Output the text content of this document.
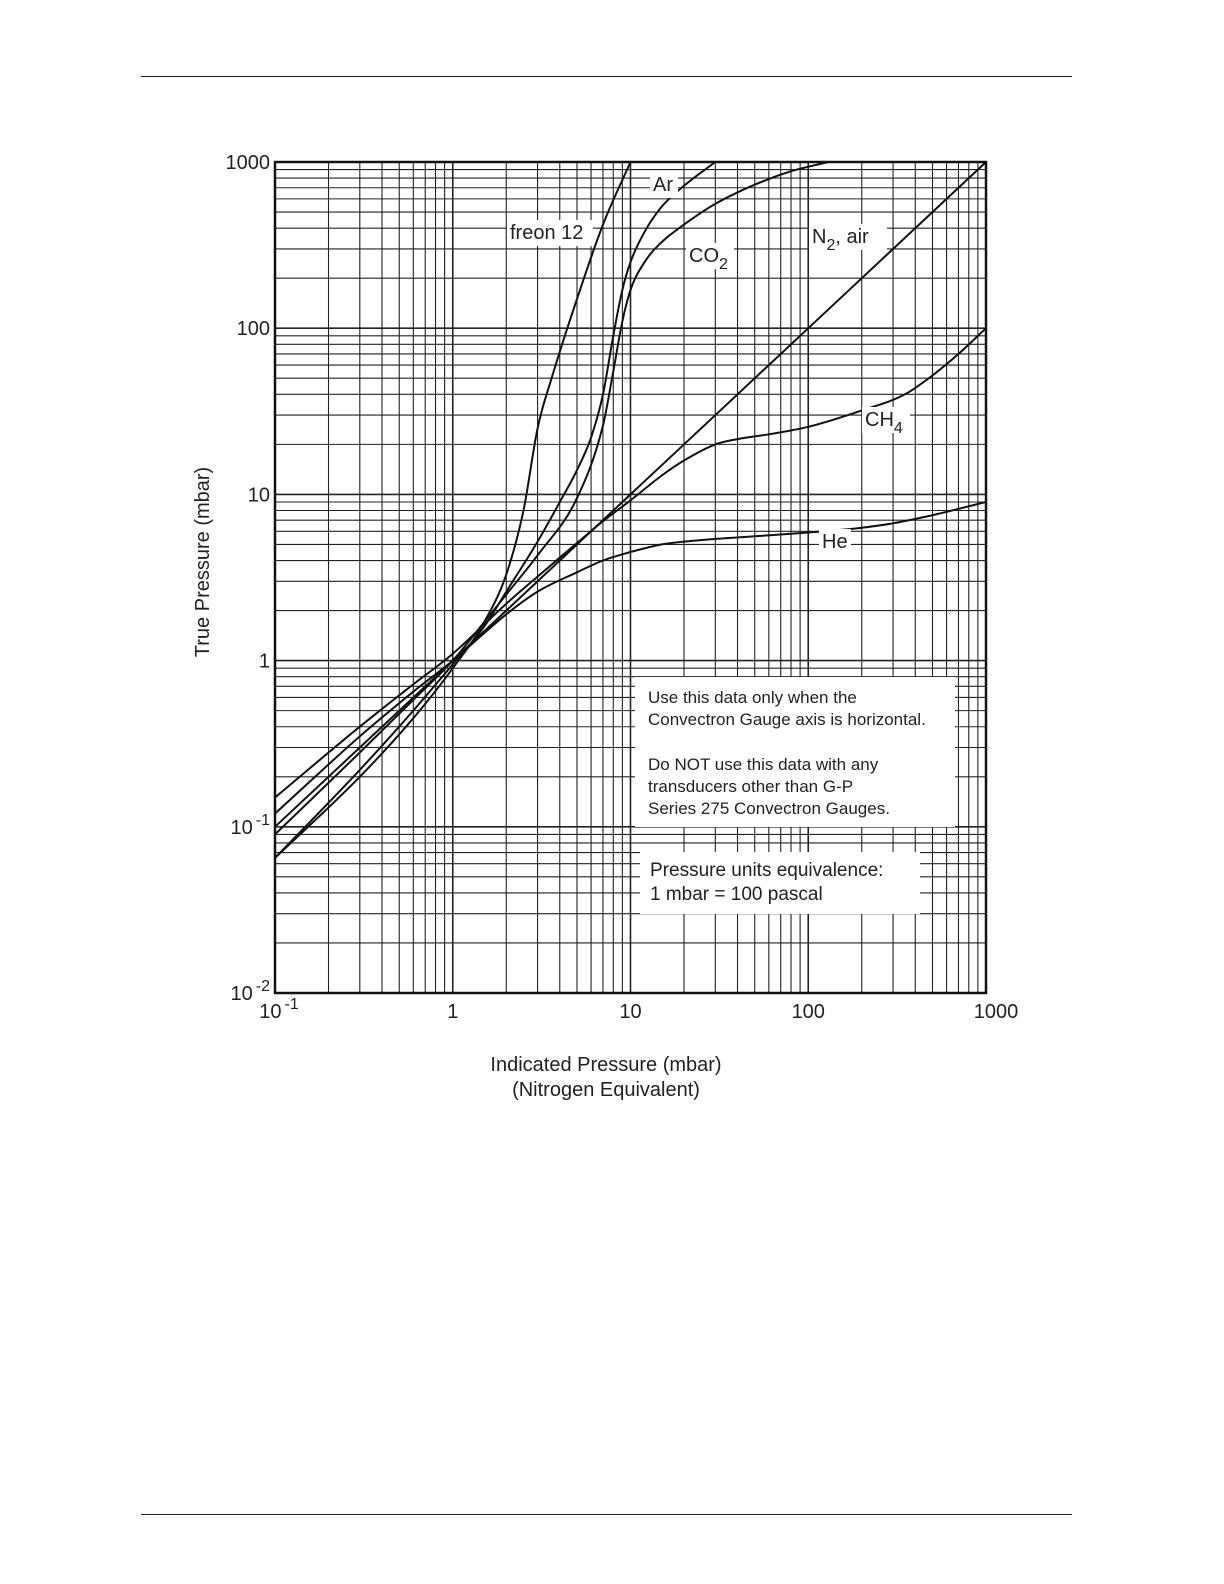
Use this data only when the
Convectron Gauge axis is horizontal.
Do NOT use this data with any
transducers other than G-P
Series 275 Convectron Gauges.
Pressure units equivalence:
1 mbar = 100 pascal
freon 12
Ar
$CO_2$
$N_2$, air
$CH_4$
He
10 $^{-1}$	1	10	100	1000
10 $^{-2}$
10 $^{-1}$
1
10
100
1000
Indicated Pressure (mbar)
(Nitrogen Equivalent)
True Pressure (mbar)
